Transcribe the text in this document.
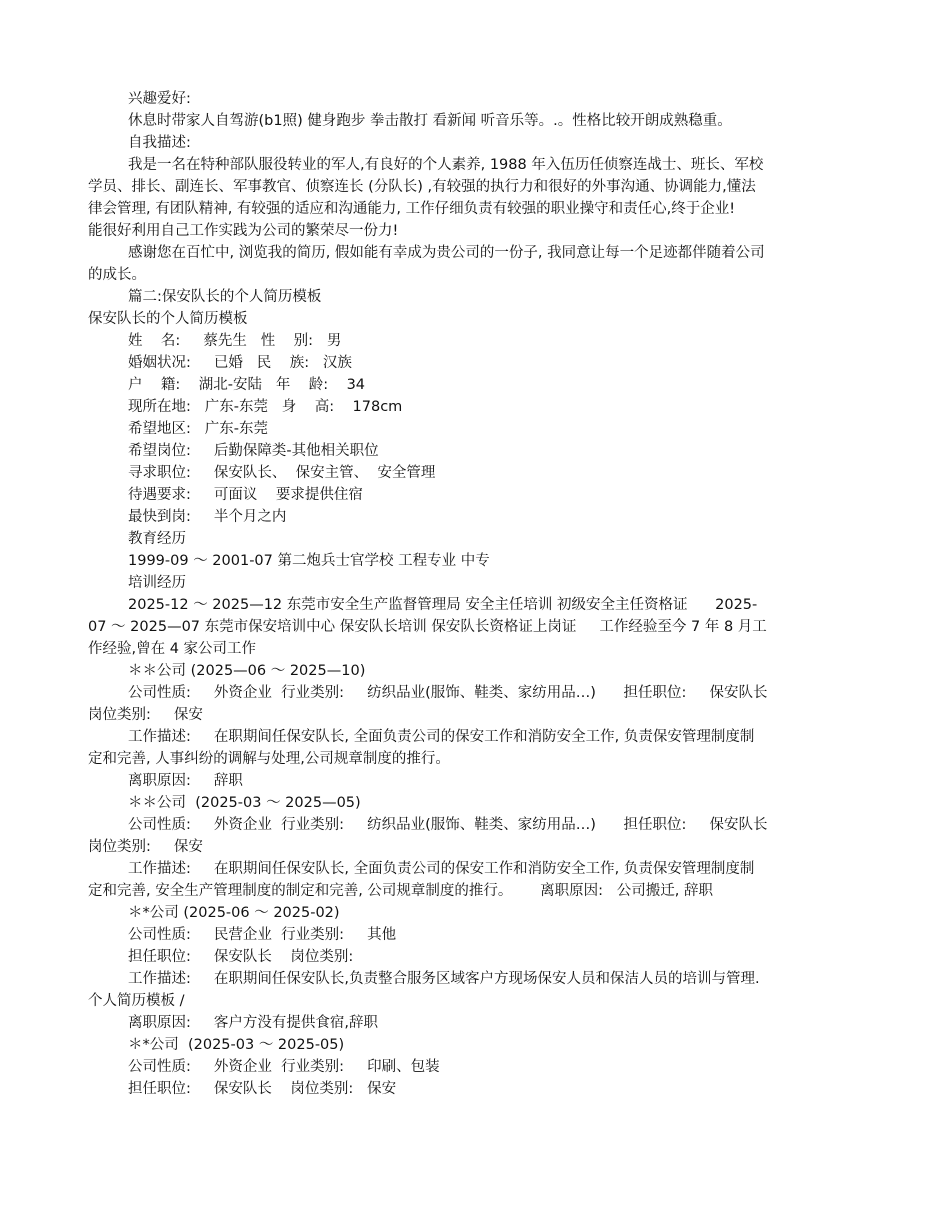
兴趣爱好:
休息时带家人自驾游(b1照) 健身跑步 拳击散打 看新闻 听音乐等。.。性格比较开朗成熟稳重。
自我描述:
我是一名在特种部队服役转业的军人,有良好的个人素养, 1988 年入伍历任侦察连战士、班长、军校
学员、排长、副连长、军事教官、侦察连长 (分队长) ,有较强的执行力和很好的外事沟通、协调能力,懂法
律会管理, 有团队精神, 有较强的适应和沟通能力, 工作仔细负责有较强的职业操守和责任心,终于企业!
能很好利用自己工作实践为公司的繁荣尽一份力!
感谢您在百忙中, 浏览我的简历, 假如能有幸成为贵公司的一份子, 我同意让每一个足迹都伴随着公司
的成长。
篇二:保安队长的个人简历模板
保安队长的个人简历模板
姓    名:     蔡先生   性    别:   男
婚姻状况:     已婚   民    族:   汉族
户    籍:    湖北-安陆   年    龄:    34
现所在地:   广东-东莞   身    高:    178cm
希望地区:   广东-东莞
希望岗位:     后勤保障类-其他相关职位
寻求职位:     保安队长、  保安主管、  安全管理
待遇要求:     可面议    要求提供住宿
最快到岗:     半个月之内
教育经历
1999-09 ～ 2001-07 第二炮兵士官学校 工程专业 中专
培训经历
2025-12 ～ 2025—12 东莞市安全生产监督管理局 安全主任培训 初级安全主任资格证      2025-
07 ～ 2025—07 东莞市保安培训中心 保安队长培训 保安队长资格证上岗证     工作经验至今 7 年 8 月工
作经验,曾在 4 家公司工作
＊＊公司 (2025—06 ～ 2025—10)
公司性质:     外资企业  行业类别:     纺织品业(服饰、鞋类、家纺用品…)      担任职位:     保安队长
岗位类别:     保安
工作描述:     在职期间任保安队长, 全面负责公司的保安工作和消防安全工作, 负责保安管理制度制
定和完善, 人事纠纷的调解与处理,公司规章制度的推行。
离职原因:     辞职
＊＊公司  (2025-03 ～ 2025—05)
公司性质:     外资企业  行业类别:     纺织品业(服饰、鞋类、家纺用品…)      担任职位:     保安队长
岗位类别:     保安
工作描述:     在职期间任保安队长, 全面负责公司的保安工作和消防安全工作, 负责保安管理制度制
定和完善, 安全生产管理制度的制定和完善, 公司规章制度的推行。      离职原因:   公司搬迁, 辞职
＊*公司 (2025-06 ～ 2025-02)
公司性质:     民营企业  行业类别:     其他
担任职位:     保安队长    岗位类别:
工作描述:     在职期间任保安队长,负责整合服务区域客户方现场保安人员和保洁人员的培训与管理.
个人简历模板 /
离职原因:     客户方没有提供食宿,辞职
＊*公司  (2025-03 ～ 2025-05)
公司性质:     外资企业  行业类别:     印刷、包装
担任职位:     保安队长    岗位类别:   保安
